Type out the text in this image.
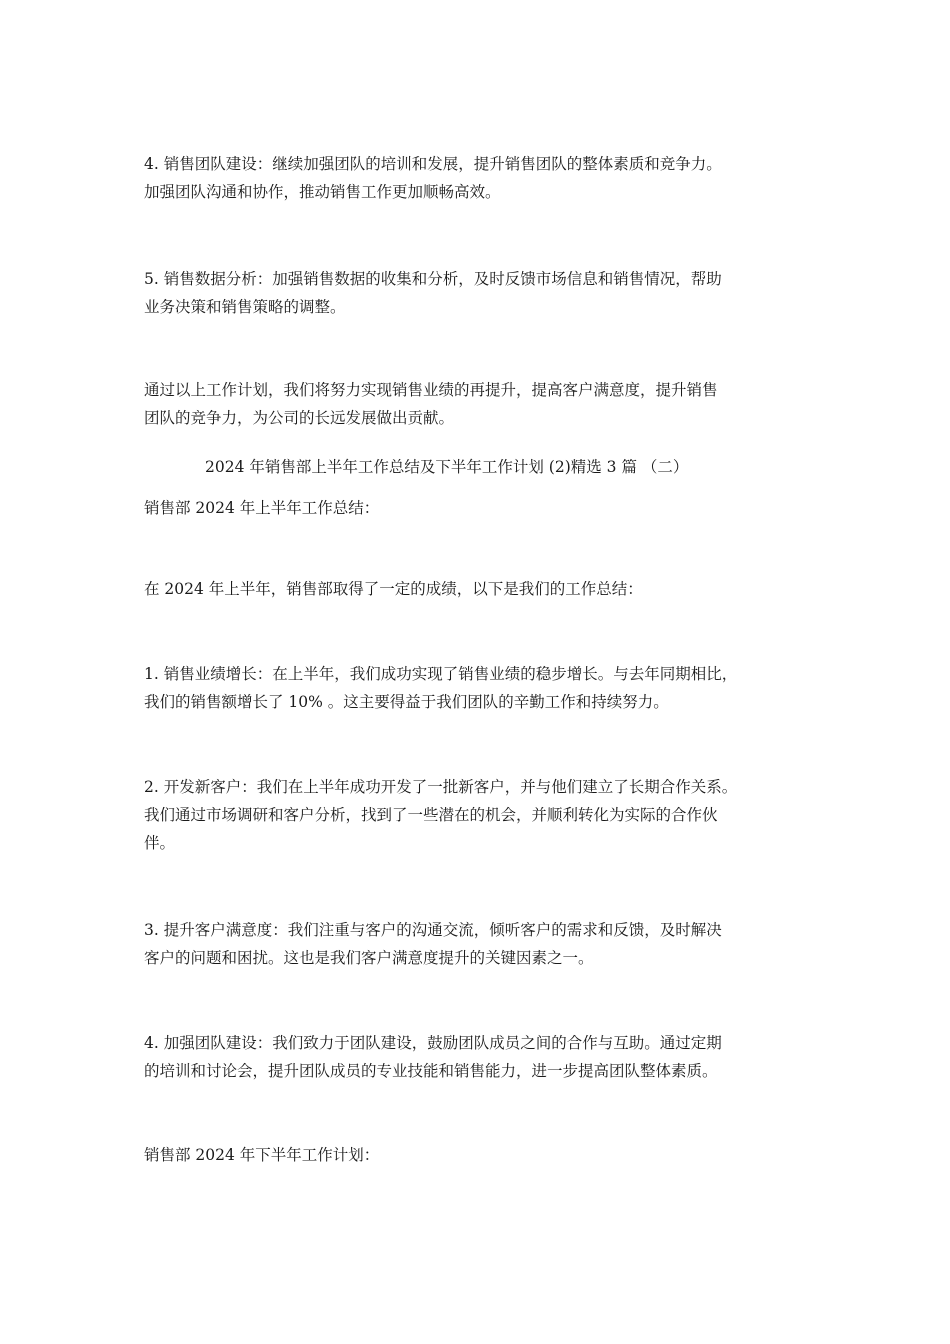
4. 销售团队建设：继续加强团队的培训和发展，提升销售团队的整体素质和竞争力。
加强团队沟通和协作，推动销售工作更加顺畅高效。
5. 销售数据分析：加强销售数据的收集和分析，及时反馈市场信息和销售情况，帮助
业务决策和销售策略的调整。
通过以上工作计划，我们将努力实现销售业绩的再提升，提高客户满意度，提升销售
团队的竞争力，为公司的长远发展做出贡献。
2024 年销售部上半年工作总结及下半年工作计划 (2)精选 3 篇 （二）
销售部 2024 年上半年工作总结：
在 2024 年上半年，销售部取得了一定的成绩，以下是我们的工作总结：
1. 销售业绩增长：在上半年，我们成功实现了销售业绩的稳步增长。与去年同期相比，
我们的销售额增长了 10% 。这主要得益于我们团队的辛勤工作和持续努力。
2. 开发新客户：我们在上半年成功开发了一批新客户，并与他们建立了长期合作关系。
我们通过市场调研和客户分析，找到了一些潜在的机会，并顺利转化为实际的合作伙
伴。
3. 提升客户满意度：我们注重与客户的沟通交流，倾听客户的需求和反馈，及时解决
客户的问题和困扰。这也是我们客户满意度提升的关键因素之一。
4. 加强团队建设：我们致力于团队建设，鼓励团队成员之间的合作与互助。通过定期
的培训和讨论会，提升团队成员的专业技能和销售能力，进一步提高团队整体素质。
销售部 2024 年下半年工作计划：
